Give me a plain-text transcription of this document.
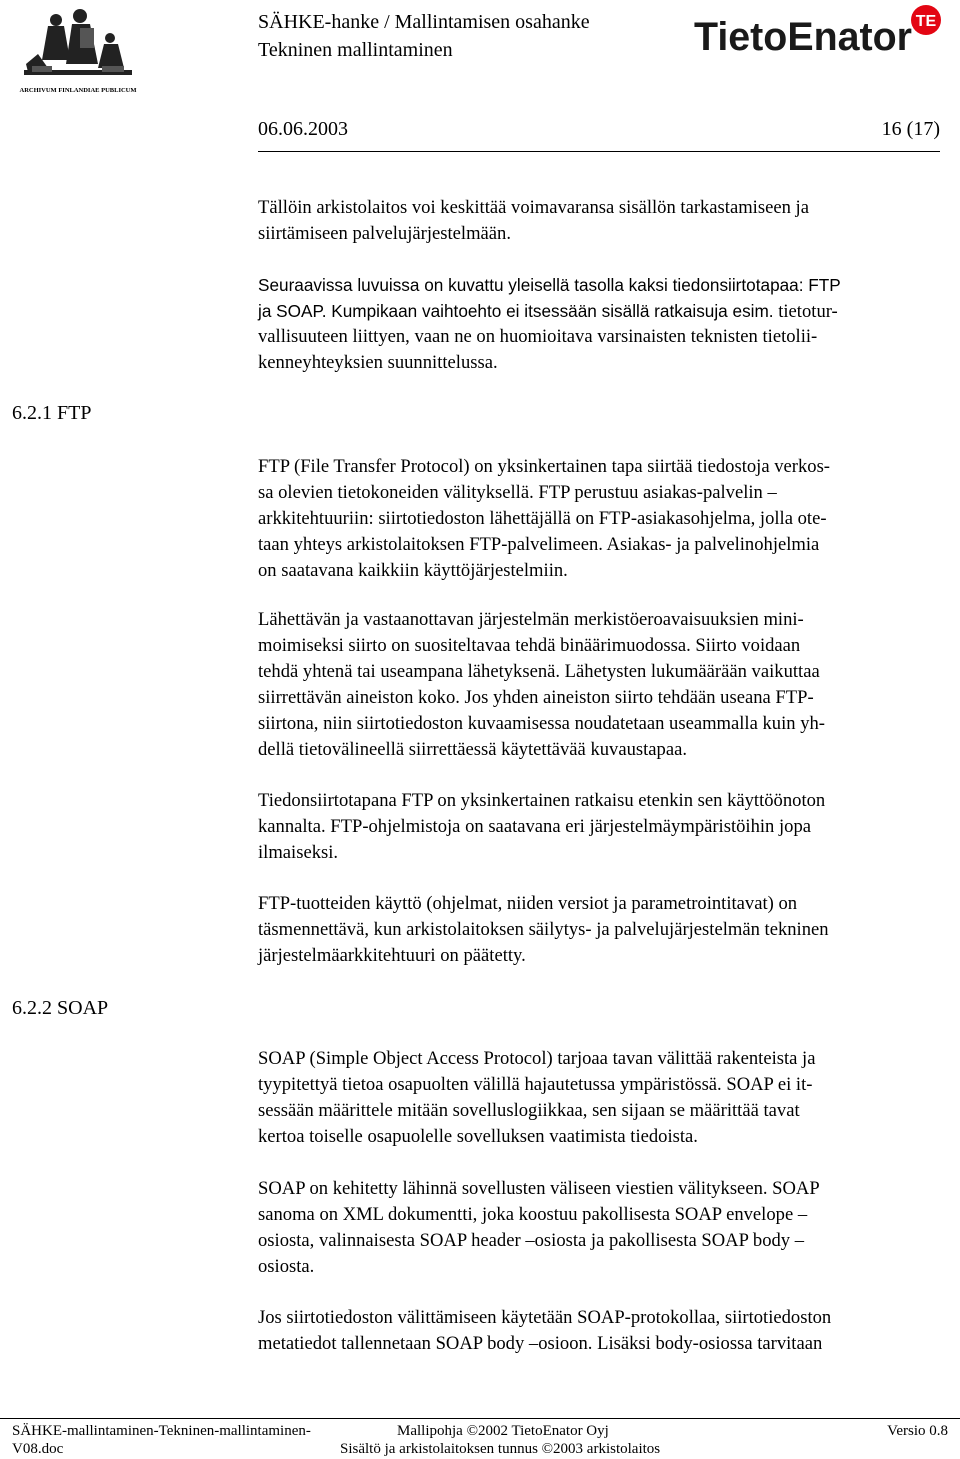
ARCHIVUM FINLANDIAE PUBLICUM
SÄHKE-hanke / Mallintamisen osahanke
Tekninen mallintaminen	TietoEnator TE
06.06.2003	16 (17)
Tällöin arkistolaitos voi keskittää voimavaransa sisällön tarkastamiseen ja
siirtämiseen palvelujärjestelmään.
Seuraavissa luvuissa on kuvattu yleisellä tasolla kaksi tiedonsiirtotapaa: FTP
ja SOAP. Kumpikaan vaihtoehto ei itsessään sisällä ratkaisuja esim. tietotur-
vallisuuteen liittyen, vaan ne on huomioitava varsinaisten teknisten tietolii-
kenneyhteyksien suunnittelussa.
6.2.1 FTP
FTP (File Transfer Protocol) on yksinkertainen tapa siirtää tiedostoja verkos-
sa olevien tietokoneiden välityksellä. FTP perustuu asiakas-palvelin –
arkkitehtuuriin: siirtotiedoston lähettäjällä on FTP-asiakasohjelma, jolla ote-
taan yhteys arkistolaitoksen FTP-palvelimeen. Asiakas- ja palvelinohjelmia
on saatavana kaikkiin käyttöjärjestelmiin.
Lähettävän ja vastaanottavan järjestelmän merkistöeroavaisuuksien mini-
moimiseksi siirto on suositeltavaa tehdä binäärimuodossa. Siirto voidaan
tehdä yhtenä tai useampana lähetyksenä. Lähetysten lukumäärään vaikuttaa
siirrettävän aineiston koko. Jos yhden aineiston siirto tehdään useana FTP-
siirtona, niin siirtotiedoston kuvaamisessa noudatetaan useammalla kuin yh-
dellä tietovälineellä siirrettäessä käytettävää kuvaustapaa.
Tiedonsiirtotapana FTP on yksinkertainen ratkaisu etenkin sen käyttöönoton
kannalta. FTP-ohjelmistoja on saatavana eri järjestelmäympäristöihin jopa
ilmaiseksi.
FTP-tuotteiden käyttö (ohjelmat, niiden versiot ja parametrointitavat) on
täsmennettävä, kun arkistolaitoksen säilytys- ja palvelujärjestelmän tekninen
järjestelmäarkkitehtuuri on päätetty.
6.2.2 SOAP
SOAP (Simple Object Access Protocol) tarjoaa tavan välittää rakenteista ja
tyypitettyä tietoa osapuolten välillä hajautetussa ympäristössä. SOAP ei it-
sessään määrittele mitään sovelluslogiikkaa, sen sijaan se määrittää tavat
kertoa toiselle osapuolelle sovelluksen vaatimista tiedoista.
SOAP on kehitetty lähinnä sovellusten väliseen viestien välitykseen. SOAP
sanoma on XML dokumentti, joka koostuu pakollisesta SOAP envelope –
osiosta, valinnaisesta SOAP header –osiosta ja pakollisesta SOAP body –
osiosta.
Jos siirtotiedoston välittämiseen käytetään SOAP-protokollaa, siirtotiedoston
metatiedot tallennetaan SOAP body –osioon. Lisäksi body-osiossa tarvitaan
SÄHKE-mallintaminen-Tekninen-mallintaminen-
V08.doc
Mallipohja ©2002 TietoEnator Oyj
Sisältö ja arkistolaitoksen tunnus ©2003 arkistolaitos
Versio 0.8
